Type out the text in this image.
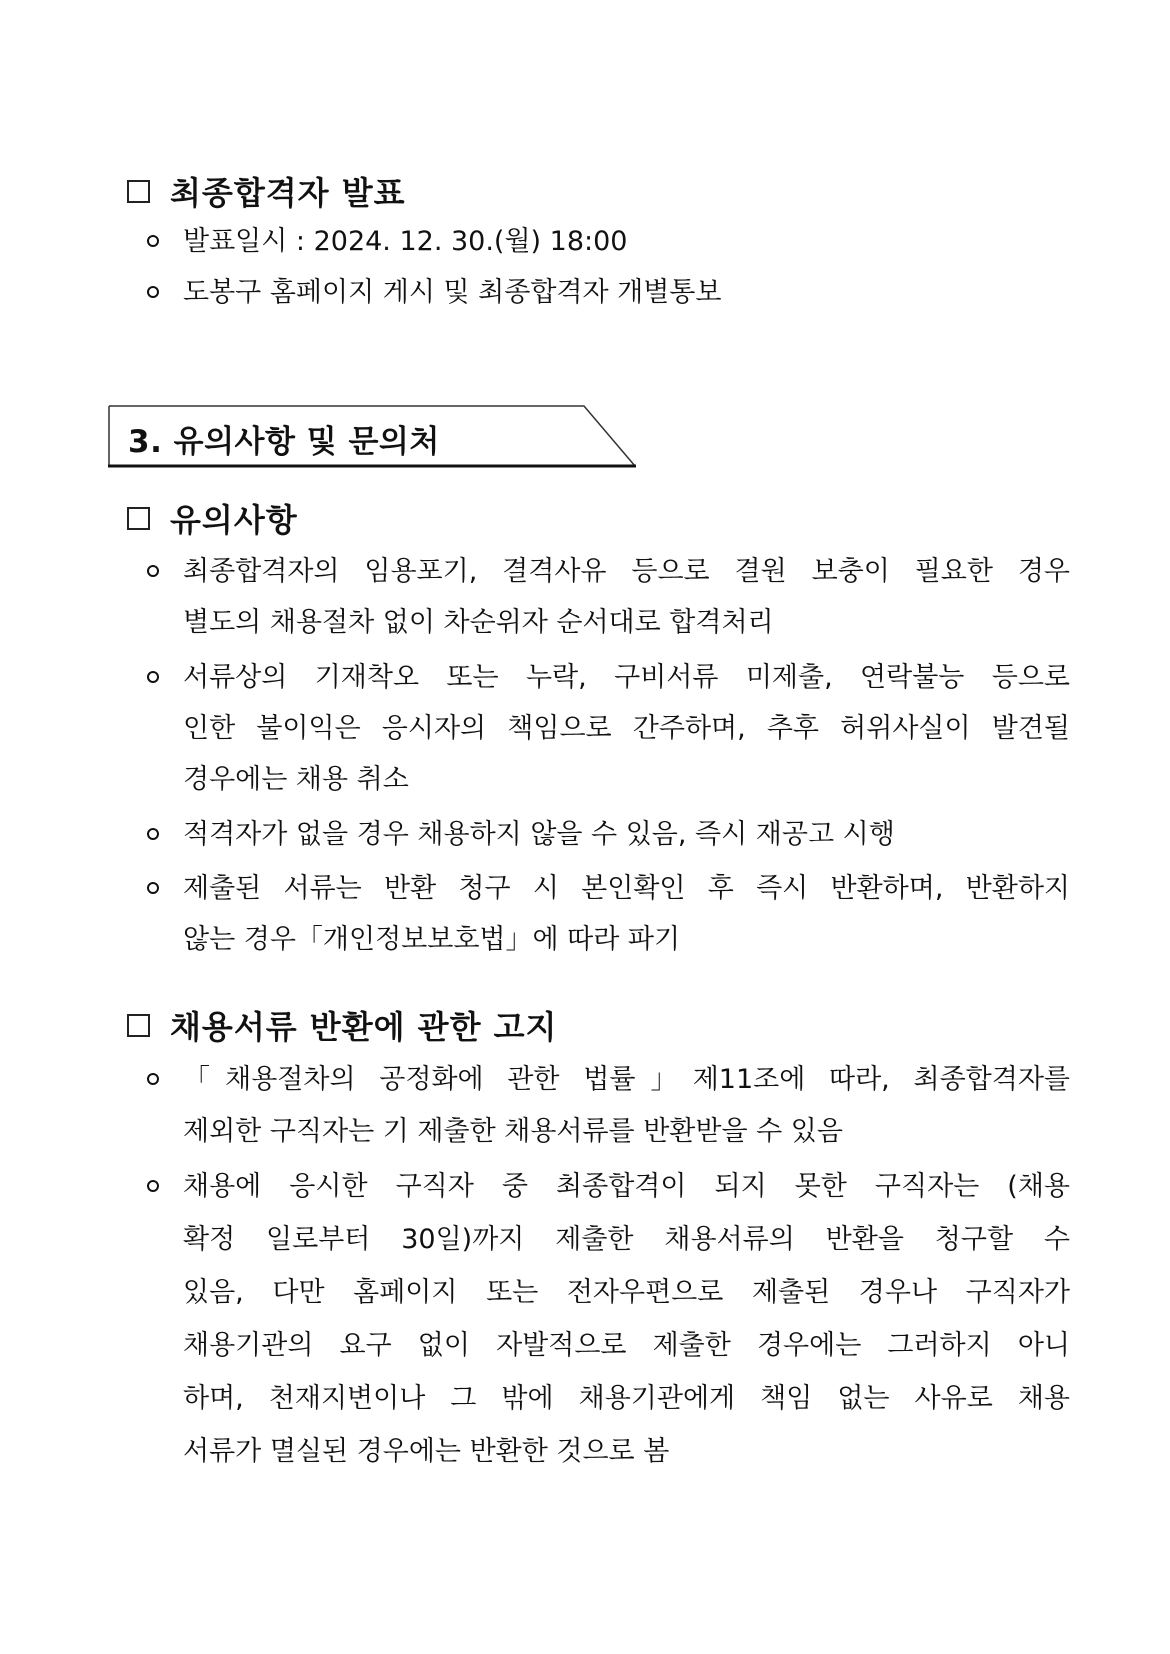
최종합격자 발표
발표일시 : 2024. 12. 30.(월) 18:00
도봉구 홈페이지 게시 및 최종합격자 개별통보
3. 유의사항 및 문의처
유의사항
최종합격자의 임용포기, 결격사유 등으로 결원 보충이 필요한 경우
별도의 채용절차 없이 차순위자 순서대로 합격처리
서류상의 기재착오 또는 누락, 구비서류 미제출, 연락불능 등으로
인한 불이익은 응시자의 책임으로 간주하며, 추후 허위사실이 발견될
경우에는 채용 취소
적격자가 없을 경우 채용하지 않을 수 있음, 즉시 재공고 시행
제출된 서류는 반환 청구 시 본인확인 후 즉시 반환하며, 반환하지
않는 경우「개인정보보호법」에 따라 파기
채용서류 반환에 관한 고지
「채용절차의 공정화에 관한 법률」제11조에 따라, 최종합격자를
제외한 구직자는 기 제출한 채용서류를 반환받을 수 있음
채용에 응시한 구직자 중 최종합격이 되지 못한 구직자는 (채용
확정 일로부터 30일)까지 제출한 채용서류의 반환을 청구할 수
있음, 다만 홈페이지 또는 전자우편으로 제출된 경우나 구직자가
채용기관의 요구 없이 자발적으로 제출한 경우에는 그러하지 아니
하며, 천재지변이나 그 밖에 채용기관에게 책임 없는 사유로 채용
서류가 멸실된 경우에는 반환한 것으로 봄
